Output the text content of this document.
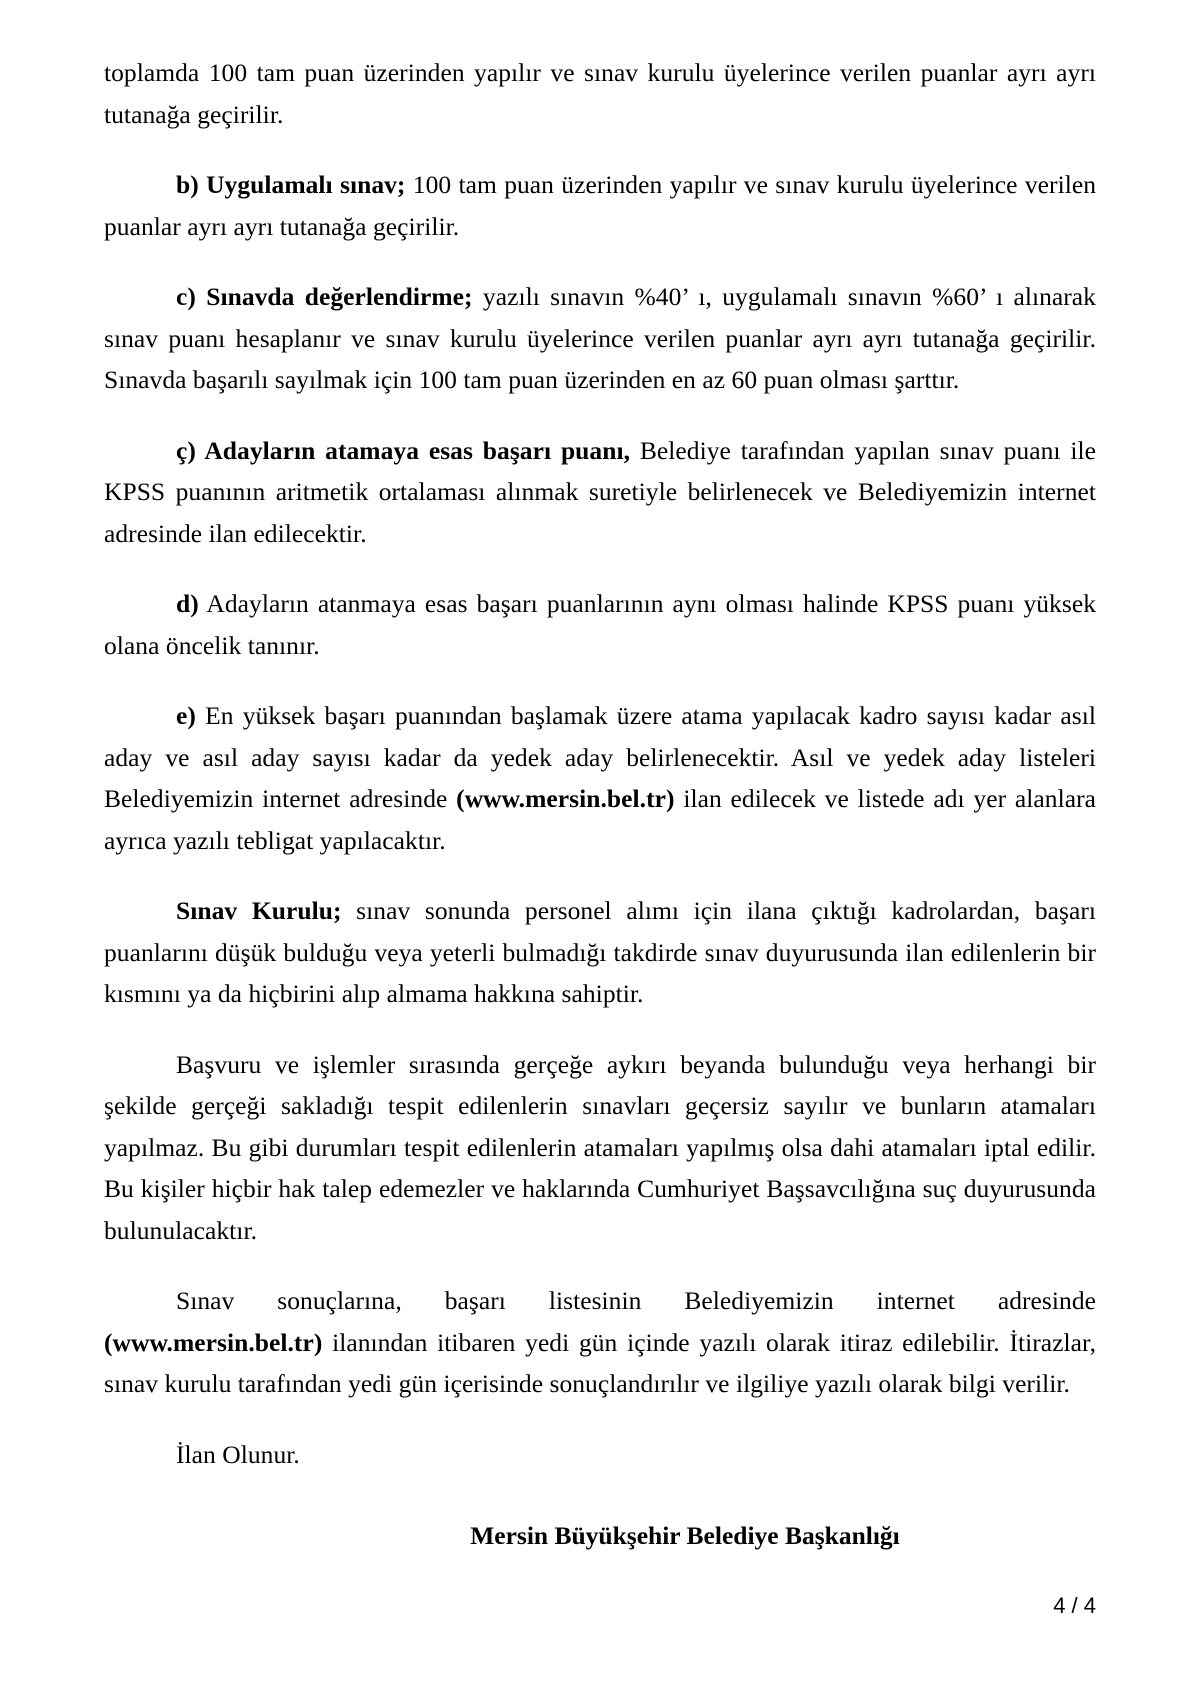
toplamda 100 tam puan üzerinden yapılır ve sınav kurulu üyelerince verilen puanlar ayrı ayrı tutanağa geçirilir.

b) Uygulamalı sınav; 100 tam puan üzerinden yapılır ve sınav kurulu üyelerince verilen puanlar ayrı ayrı tutanağa geçirilir.

c) Sınavda değerlendirme; yazılı sınavın %40’ ı, uygulamalı sınavın %60’ ı alınarak sınav puanı hesaplanır ve sınav kurulu üyelerince verilen puanlar ayrı ayrı tutanağa geçirilir. Sınavda başarılı sayılmak için 100 tam puan üzerinden en az 60 puan olması şarttır.

ç) Adayların atamaya esas başarı puanı, Belediye tarafından yapılan sınav puanı ile KPSS puanının aritmetik ortalaması alınmak suretiyle belirlenecek ve Belediyemizin internet adresinde ilan edilecektir.

d) Adayların atanmaya esas başarı puanlarının aynı olması halinde KPSS puanı yüksek olana öncelik tanınır.

e) En yüksek başarı puanından başlamak üzere atama yapılacak kadro sayısı kadar asıl aday ve asıl aday sayısı kadar da yedek aday belirlenecektir. Asıl ve yedek aday listeleri Belediyemizin internet adresinde (www.mersin.bel.tr) ilan edilecek ve listede adı yer alanlara ayrıca yazılı tebligat yapılacaktır.

Sınav Kurulu; sınav sonunda personel alımı için ilana çıktığı kadrolardan, başarı puanlarını düşük bulduğu veya yeterli bulmadığı takdirde sınav duyurusunda ilan edilenlerin bir kısmını ya da hiçbirini alıp almama hakkına sahiptir.

Başvuru ve işlemler sırasında gerçeğe aykırı beyanda bulunduğu veya herhangi bir şekilde gerçeği sakladığı tespit edilenlerin sınavları geçersiz sayılır ve bunların atamaları yapılmaz. Bu gibi durumları tespit edilenlerin atamaları yapılmış olsa dahi atamaları iptal edilir. Bu kişiler hiçbir hak talep edemezler ve haklarında Cumhuriyet Başsavcılığına suç duyurusunda bulunulacaktır.

Sınav sonuçlarına, başarı listesinin Belediyemizin internet adresinde (www.mersin.bel.tr) ilanından itibaren yedi gün içinde yazılı olarak itiraz edilebilir. İtirazlar, sınav kurulu tarafından yedi gün içerisinde sonuçlandırılır ve ilgiliye yazılı olarak bilgi verilir.

İlan Olunur.

Mersin Büyükşehir Belediye Başkanlığı
4 / 4
